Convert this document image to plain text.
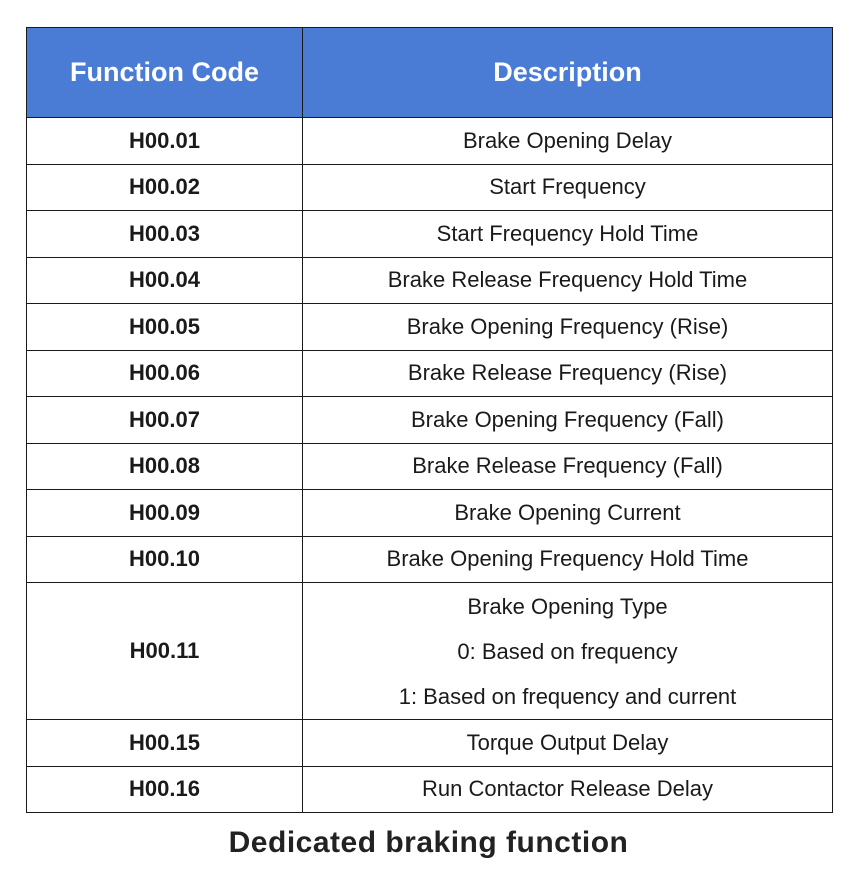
Function Code	Description
H00.01	Brake Opening Delay
H00.02	Start Frequency
H00.03	Start Frequency Hold Time
H00.04	Brake Release Frequency Hold Time
H00.05	Brake Opening Frequency (Rise)
H00.06	Brake Release Frequency (Rise)
H00.07	Brake Opening Frequency (Fall)
H00.08	Brake Release Frequency (Fall)
H00.09	Brake Opening Current
H00.10	Brake Opening Frequency Hold Time
H00.11	Brake Opening Type
0: Based on frequency
1: Based on frequency and current

H00.15	Torque Output Delay
H00.16	Run Contactor Release Delay
Dedicated braking function
